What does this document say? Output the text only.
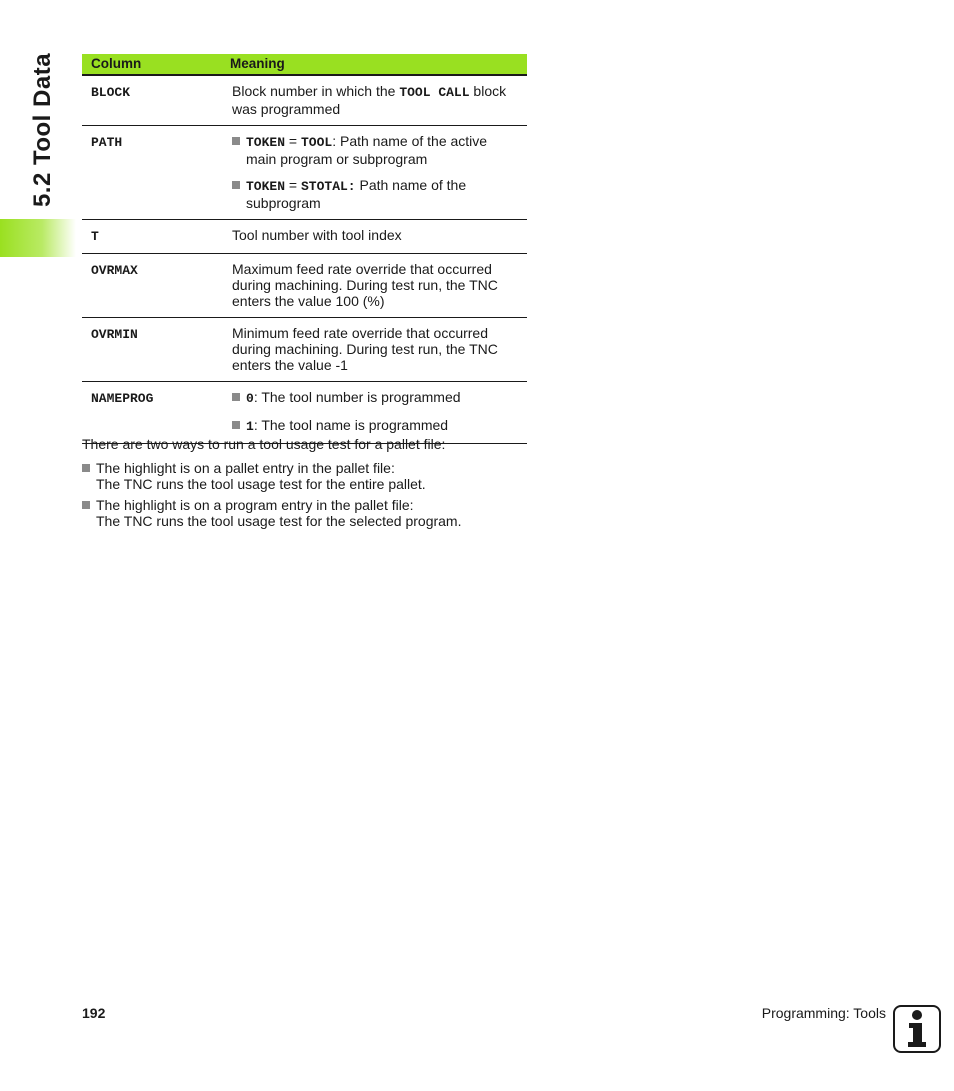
5.2 Tool Data	Column	Meaning
BLOCK	Block number in which the TOOL CALL block was programmed
PATH	TOKEN = TOOL: Path name of the active main program or subprogram
TOKEN = STOTAL: Path name of the subprogram

T	Tool number with tool index
OVRMAX	Maximum feed rate override that occurred during machining. During test run, the TNC enters the value 100 (%)
OVRMIN	Minimum feed rate override that occurred during machining. During test run, the TNC enters the value -1
NAMEPROG	0: The tool number is programmed
1: The tool name is programmed

There are two ways to run a tool usage test for a pallet file:

The highlight is on a pallet entry in the pallet file:
The TNC runs the tool usage test for the entire pallet.
The highlight is on a program entry in the pallet file:
The TNC runs the tool usage test for the selected program.
192	Programming: Tools
